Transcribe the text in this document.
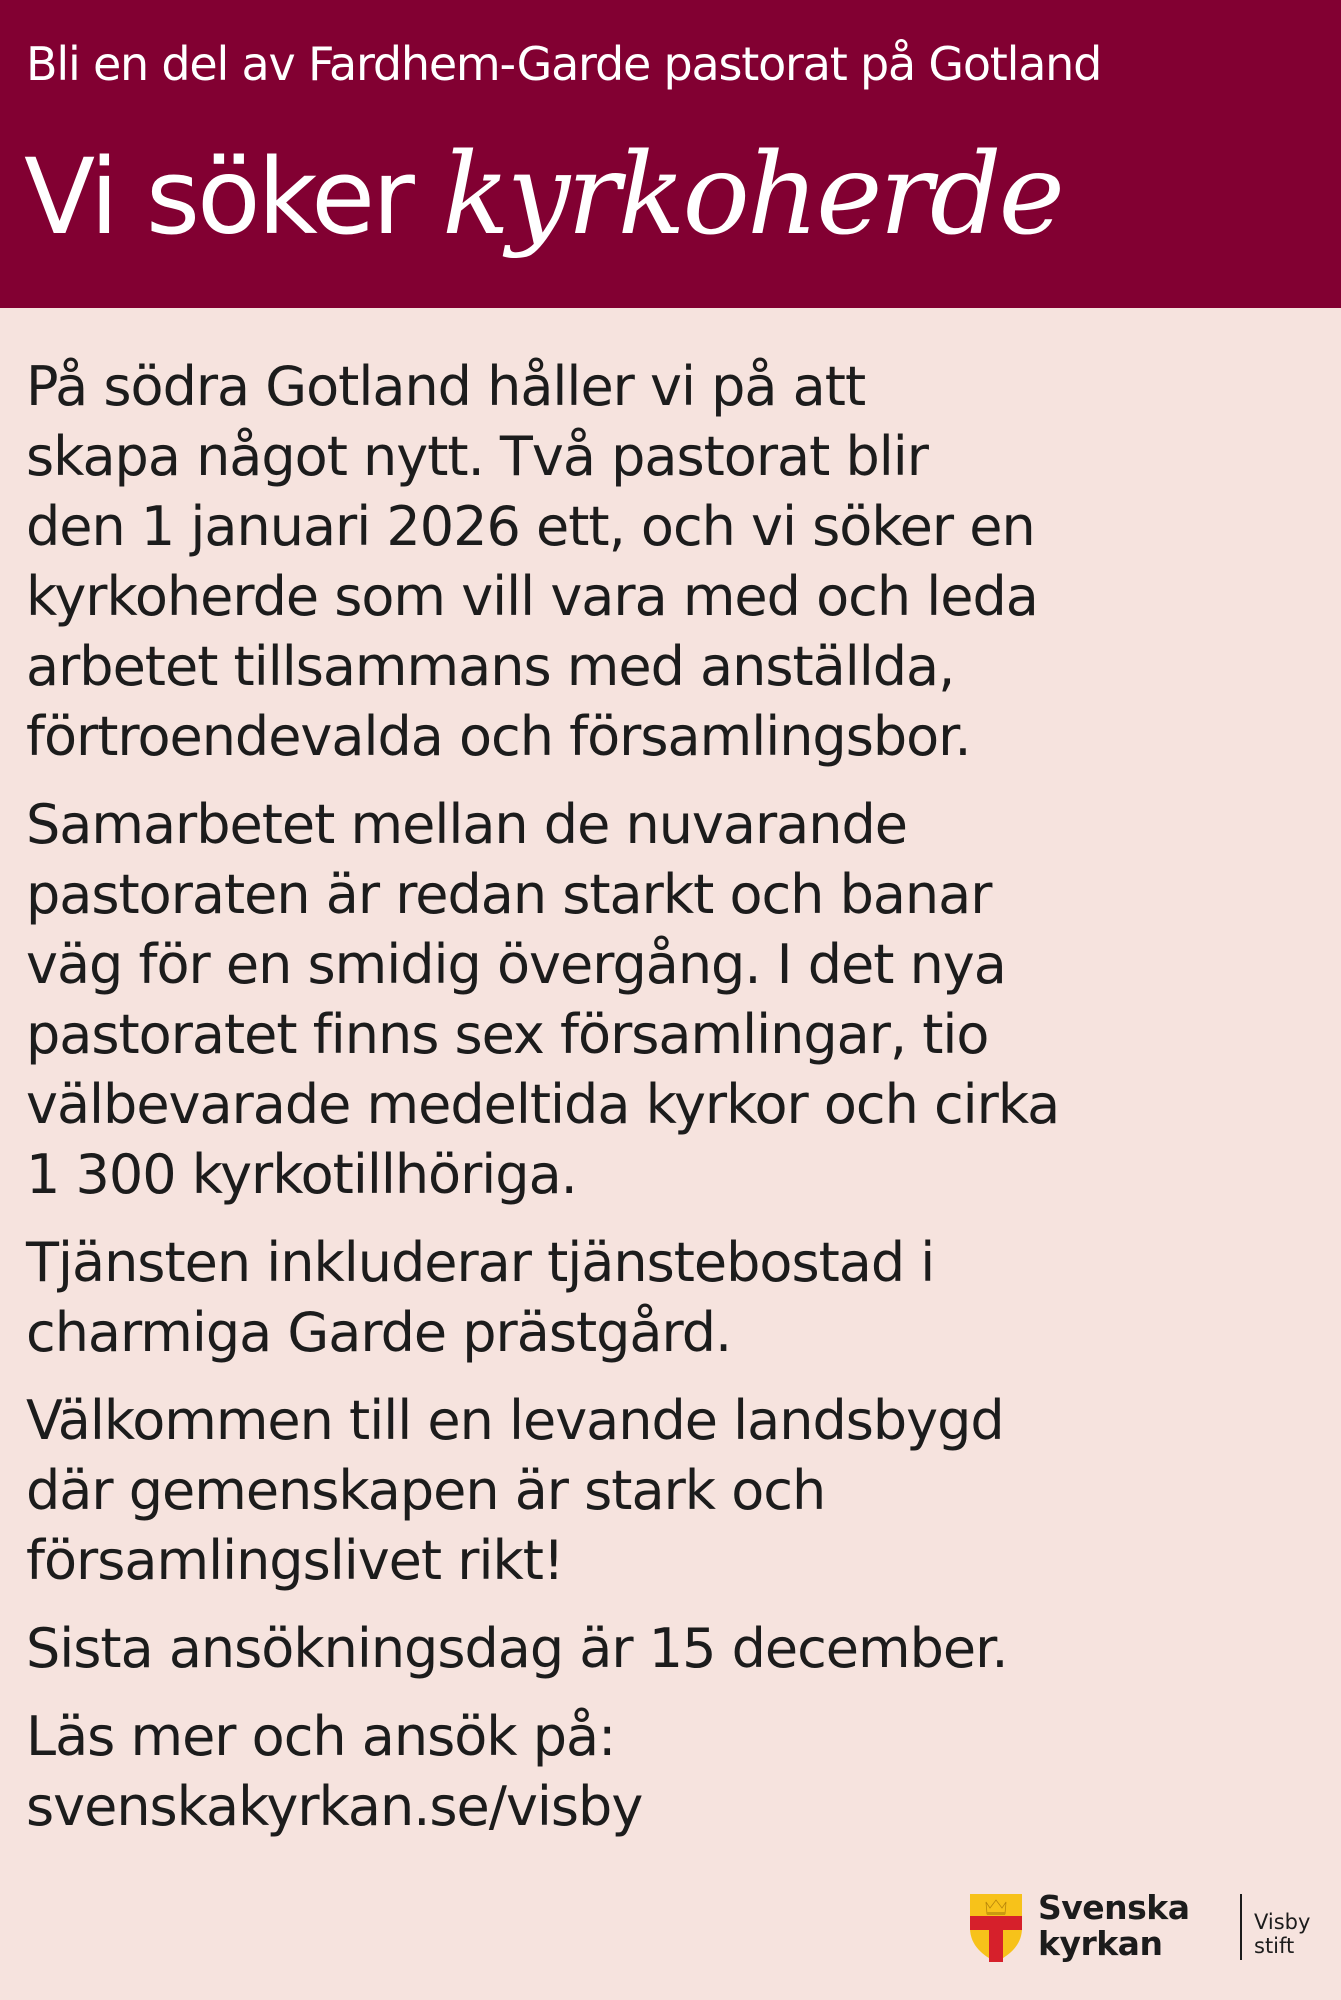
Bli en del av Fardhem-Garde pastorat på Gotland
Vi söker kyrkoherde
På södra Gotland håller vi på att
skapa något nytt. Två pastorat blir
den 1 januari 2026 ett, och vi söker en
kyrkoherde som vill vara med och leda
arbetet tillsammans med anställda,
förtroendevalda och församlingsbor.
Samarbetet mellan de nuvarande
pastoraten är redan starkt och banar
väg för en smidig övergång. I det nya
pastoratet finns sex församlingar, tio
välbevarade medeltida kyrkor och cirka
1 300 kyrkotillhöriga.
Tjänsten inkluderar tjänstebostad i
charmiga Garde prästgård.
Välkommen till en levande landsbygd
där gemenskapen är stark och
församlingslivet rikt!
Sista ansökningsdag är 15 december.
Läs mer och ansök på:
svenskakyrkan.se/visby
Svenska
kyrkan
Visby
stift
